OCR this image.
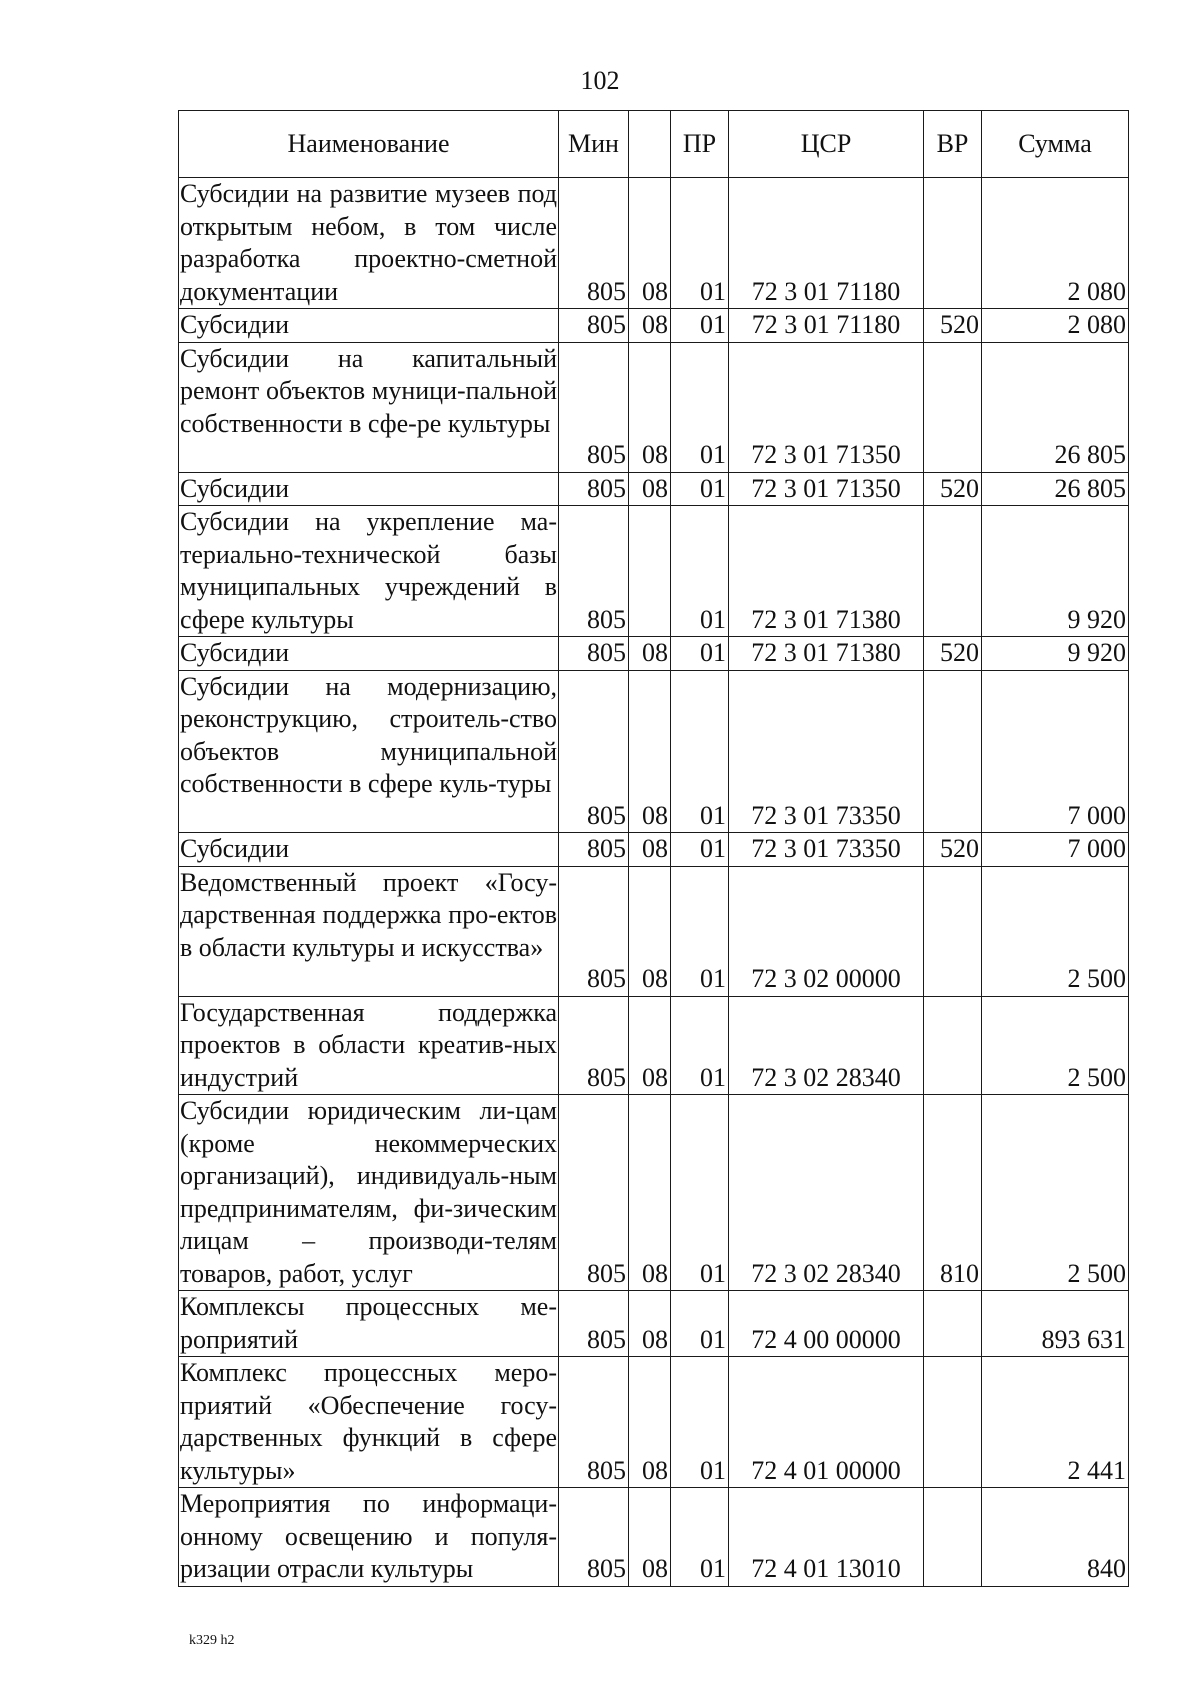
102
Наименование	Мин		ПР	ЦСР	ВР	Сумма
Субсидии на развитие музеев под открытым небом, в том числе разработка проектно-сметной документации	805	08	01	72 3 01 71180		2 080
Субсидии	805	08	01	72 3 01 71180	520	2 080
Субсидии на капитальный ремонт объектов муници-пальной собственности в сфе-ре культуры	805	08	01	72 3 01 71350		26 805
Субсидии	805	08	01	72 3 01 71350	520	26 805
Субсидии на укрепление ма-териально-технической базы муниципальных учреждений в сфере культуры	805		01	72 3 01 71380		9 920
Субсидии	805	08	01	72 3 01 71380	520	9 920
Субсидии на модернизацию, реконструкцию, строитель-ство объектов муниципальной собственности в сфере куль-туры	805	08	01	72 3 01 73350		7 000
Субсидии	805	08	01	72 3 01 73350	520	7 000
Ведомственный проект «Госу-дарственная поддержка про-ектов в области культуры и искусства»	805	08	01	72 3 02 00000		2 500
Государственная поддержка проектов в области креатив-ных индустрий	805	08	01	72 3 02 28340		2 500
Субсидии юридическим ли-цам (кроме некоммерческих организаций), индивидуаль-ным предпринимателям, фи-зическим лицам – производи-телям товаров, работ, услуг	805	08	01	72 3 02 28340	810	2 500
Комплексы процессных ме-роприятий	805	08	01	72 4 00 00000		893 631
Комплекс процессных меро-приятий «Обеспечение госу-дарственных функций в сфере культуры»	805	08	01	72 4 01 00000		2 441
Мероприятия по информаци-онному освещению и популя-ризации отрасли культуры	805	08	01	72 4 01 13010		840
k329 h2
